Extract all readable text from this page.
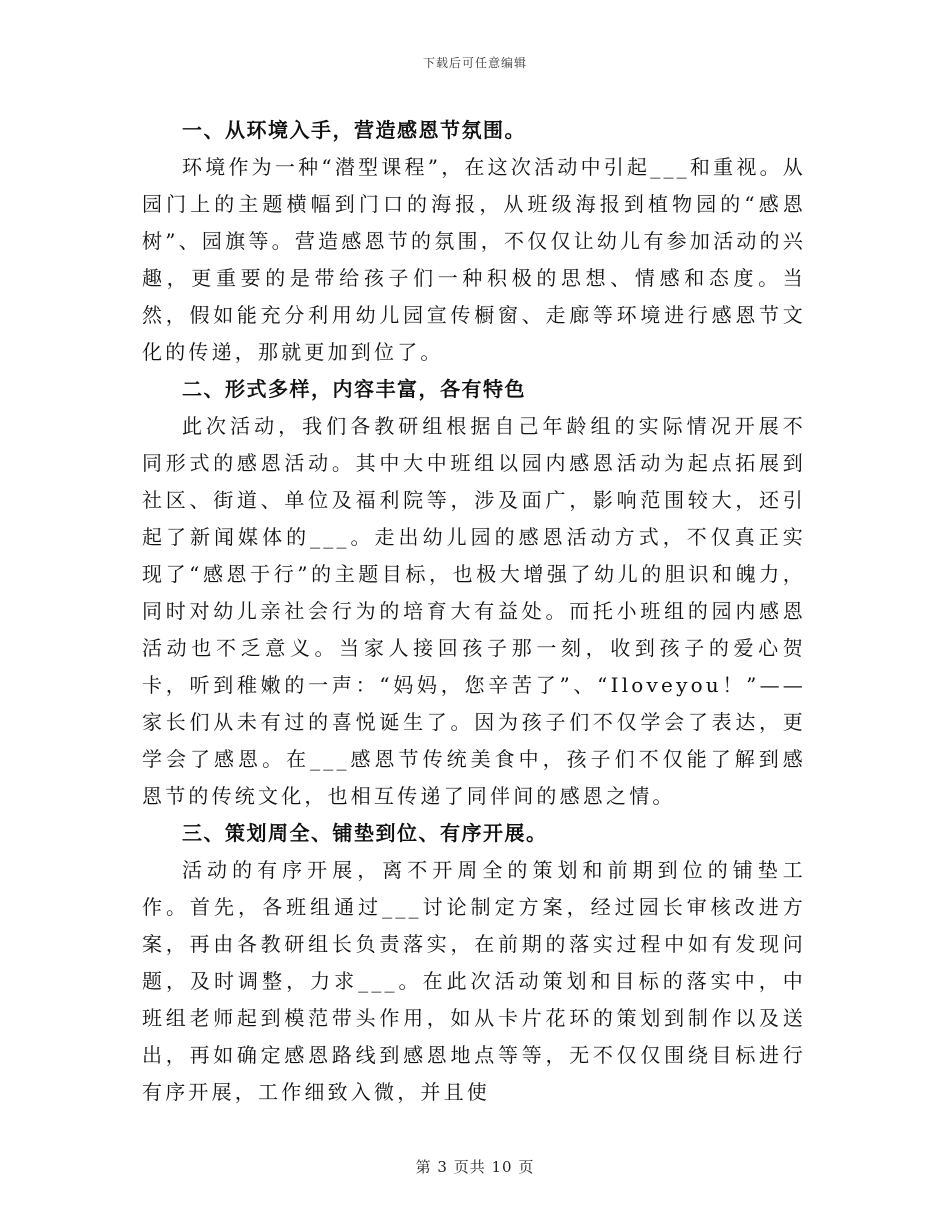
下载后可任意编辑

一、从环境入手，营造感恩节氛围。

环境作为一种“潜型课程”，在这次活动中引起___和重视。从园门上的主题横幅到门口的海报，从班级海报到植物园的“感恩树”、园旗等。营造感恩节的氛围，不仅仅让幼儿有参加活动的兴趣，更重要的是带给孩子们一种积极的思想、情感和态度。当然，假如能充分利用幼儿园宣传橱窗、走廊等环境进行感恩节文化的传递，那就更加到位了。

二、形式多样，内容丰富，各有特色

此次活动，我们各教研组根据自己年龄组的实际情况开展不同形式的感恩活动。其中大中班组以园内感恩活动为起点拓展到社区、街道、单位及福利院等，涉及面广，影响范围较大，还引起了新闻媒体的___。走出幼儿园的感恩活动方式，不仅真正实现了“感恩于行”的主题目标，也极大增强了幼儿的胆识和魄力，同时对幼儿亲社会行为的培育大有益处。而托小班组的园内感恩活动也不乏意义。当家人接回孩子那一刻，收到孩子的爱心贺卡，听到稚嫩的一声：“妈妈，您辛苦了”、“Iloveyou！”——家长们从未有过的喜悦诞生了。因为孩子们不仅学会了表达，更学会了感恩。在___感恩节传统美食中，孩子们不仅能了解到感恩节的传统文化，也相互传递了同伴间的感恩之情。

三、策划周全、铺垫到位、有序开展。

活动的有序开展，离不开周全的策划和前期到位的铺垫工作。首先，各班组通过___讨论制定方案，经过园长审核改进方案，再由各教研组长负责落实，在前期的落实过程中如有发现问题，及时调整，力求___。在此次活动策划和目标的落实中，中班组老师起到模范带头作用，如从卡片花环的策划到制作以及送出，再如确定感恩路线到感恩地点等等，无不仅仅围绕目标进行有序开展，工作细致入微，并且使

第 3 页共 10 页
